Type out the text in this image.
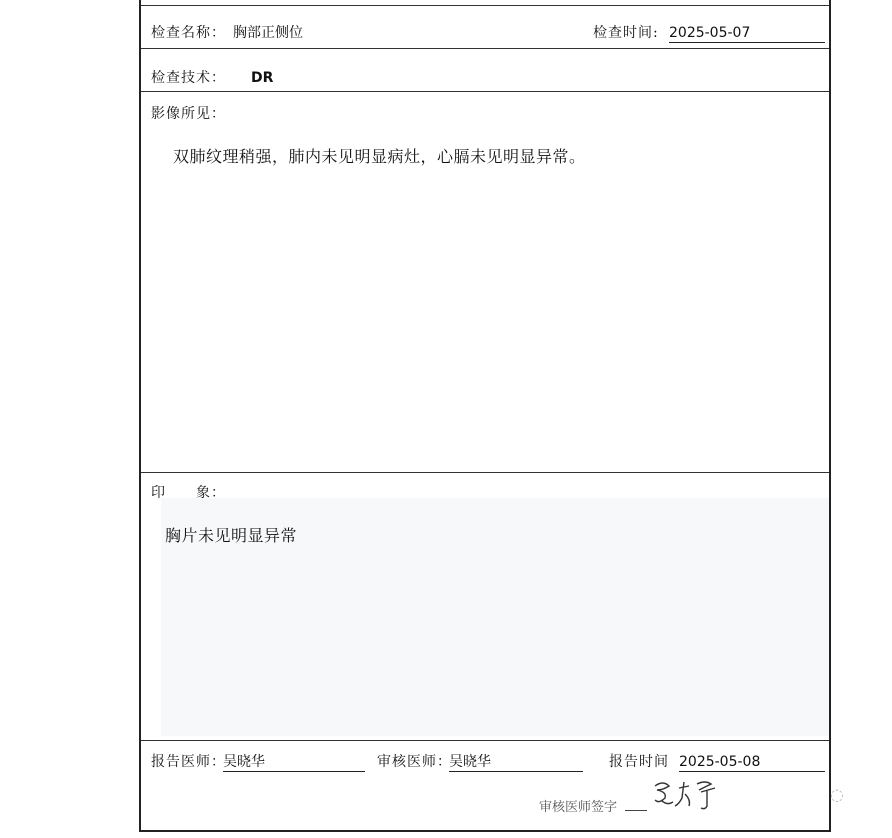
检查名称： 胸部正侧位	检查时间: 2025-05-07
检查技术： DR
影像所见：
双肺纹理稍强，肺内未见明显病灶，心膈未见明显异常。
印　　象：
胸片未见明显异常
报告医师：
吴晓华	审核医师：
吴晓华	报告时间 2025-05-08
审核医师签字
◌
